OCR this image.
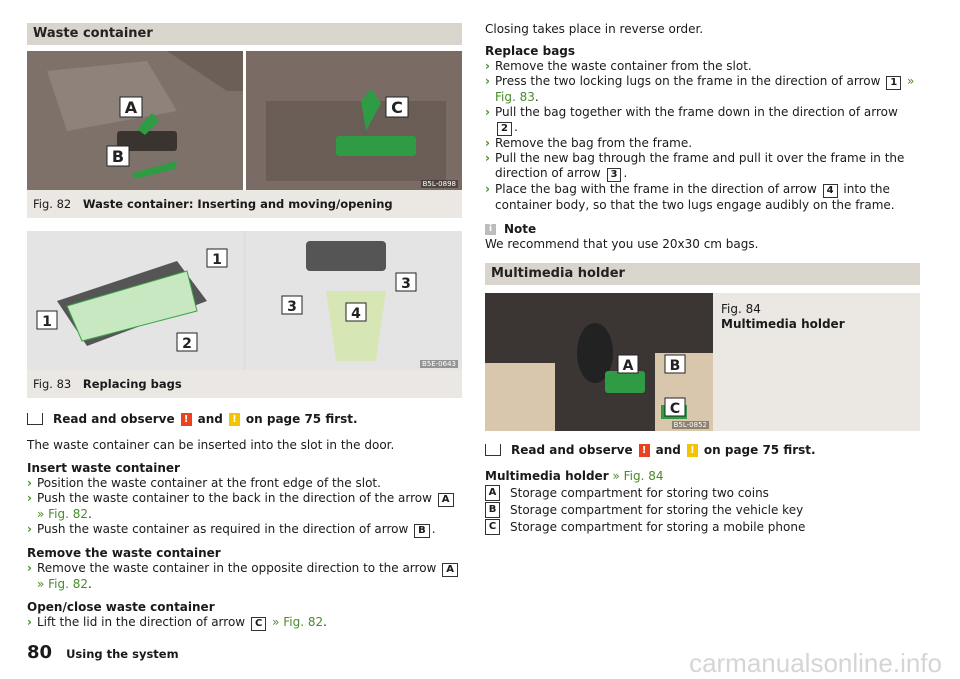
Waste container
A
B
C
B5L-0898
Fig. 82 Waste container: Inserting and moving/opening
1
1
2
3
3	4
B5E-0643
Fig. 83 Replacing bags
Read and observe ! and ! on page 75 first.

The waste container can be inserted into the slot in the door.

Insert waste container
› Position the waste container at the front edge of the slot.
› Push the waste container to the back in the direction of the arrow A
» Fig. 82.
› Push the waste container as required in the direction of arrow B .
Remove the waste container
› Remove the waste container in the opposite direction to the arrow A
» Fig. 82.
Open/close waste container
› Lift the lid in the direction of arrow C » Fig. 82.

Closing takes place in reverse order.

Replace bags
› Remove the waste container from the slot.
› Press the two locking lugs on the frame in the direction of arrow 1 » Fig. 83.
› Pull the bag together with the frame down in the direction of arrow 2 .
› Remove the bag from the frame.
› Pull the new bag through the frame and pull it over the frame in the direction of arrow 3 .
› Place the bag with the frame in the direction of arrow 4 into the container body, so that the two lugs engage audibly on the frame.
i Note

We recommend that you use 20x30 cm bags.

Multimedia holder
A	B
C
B5L-0852
Fig. 84
Multimedia holder
Read and observe ! and ! on page 75 first.
Multimedia holder » Fig. 84
A	Storage compartment for storing two coins
B	Storage compartment for storing the vehicle key
C	Storage compartment for storing a mobile phone
80 Using the system	carmanualsonline.info
